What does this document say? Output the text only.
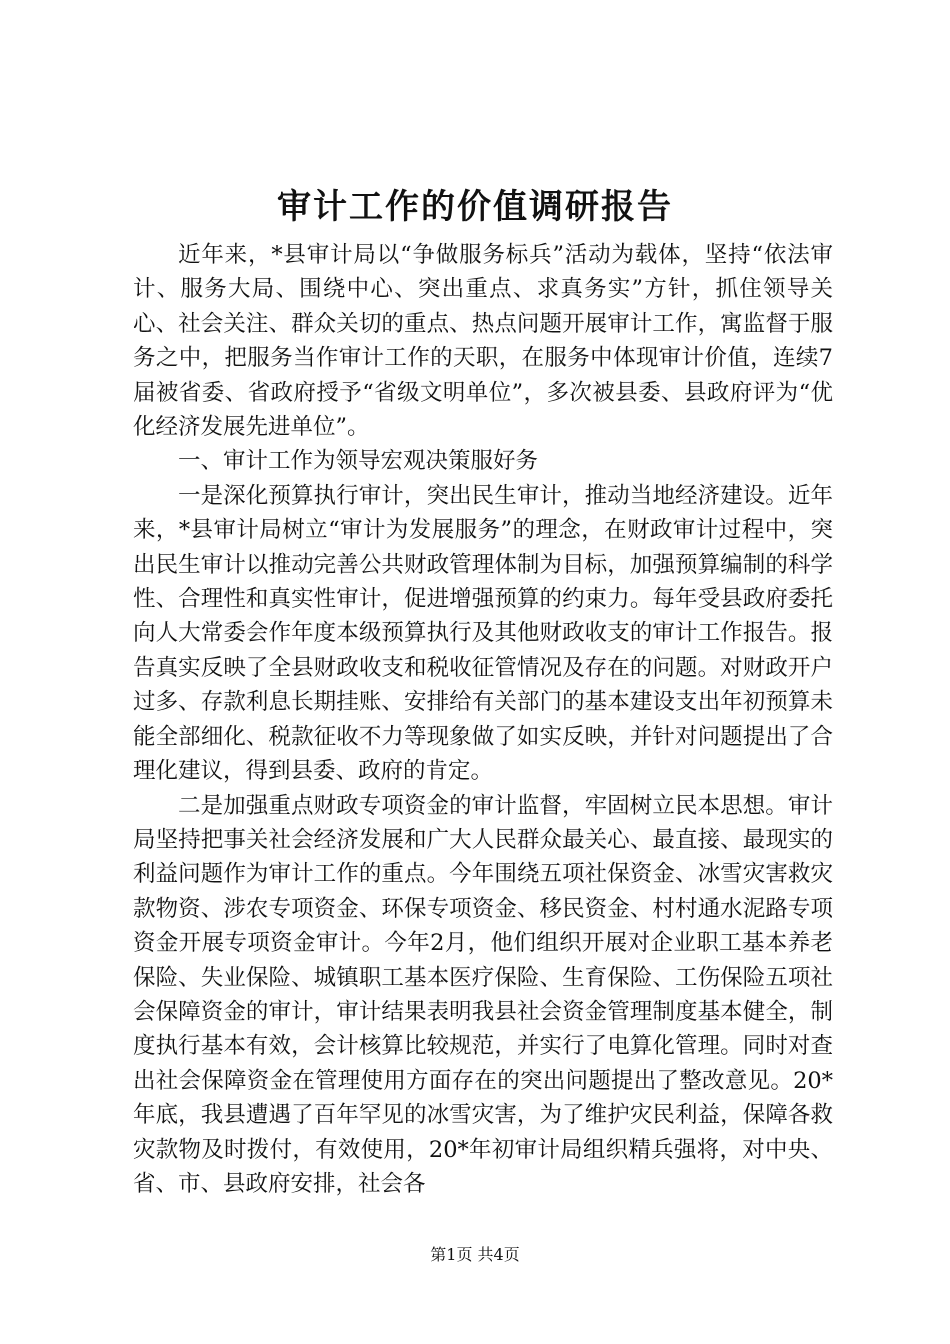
审计工作的价值调研报告

近年来，*县审计局以“争做服务标兵”活动为载体，坚持“依法审计、服务大局、围绕中心、突出重点、求真务实”方针，抓住领导关心、社会关注、群众关切的重点、热点问题开展审计工作，寓监督于服务之中，把服务当作审计工作的天职，在服务中体现审计价值，连续7届被省委、省政府授予“省级文明单位”，多次被县委、县政府评为“优化经济发展先进单位”。

一、审计工作为领导宏观决策服好务

一是深化预算执行审计，突出民生审计，推动当地经济建设。近年来，*县审计局树立“审计为发展服务”的理念，在财政审计过程中，突出民生审计以推动完善公共财政管理体制为目标，加强预算编制的科学性、合理性和真实性审计，促进增强预算的约束力。每年受县政府委托向人大常委会作年度本级预算执行及其他财政收支的审计工作报告。报告真实反映了全县财政收支和税收征管情况及存在的问题。对财政开户过多、存款利息长期挂账、安排给有关部门的基本建设支出年初预算未能全部细化、税款征收不力等现象做了如实反映，并针对问题提出了合理化建议，得到县委、政府的肯定。

二是加强重点财政专项资金的审计监督，牢固树立民本思想。审计局坚持把事关社会经济发展和广大人民群众最关心、最直接、最现实的利益问题作为审计工作的重点。今年围绕五项社保资金、冰雪灾害救灾款物资、涉农专项资金、环保专项资金、移民资金、村村通水泥路专项资金开展专项资金审计。今年2月，他们组织开展对企业职工基本养老保险、失业保险、城镇职工基本医疗保险、生育保险、工伤保险五项社会保障资金的审计，审计结果表明我县社会资金管理制度基本健全，制度执行基本有效，会计核算比较规范，并实行了电算化管理。同时对查出社会保障资金在管理使用方面存在的突出问题提出了整改意见。20*年底，我县遭遇了百年罕见的冰雪灾害，为了维护灾民利益，保障各救灾款物及时拨付，有效使用，20*年初审计局组织精兵强将，对中央、省、市、县政府安排，社会各

第1页 共4页
